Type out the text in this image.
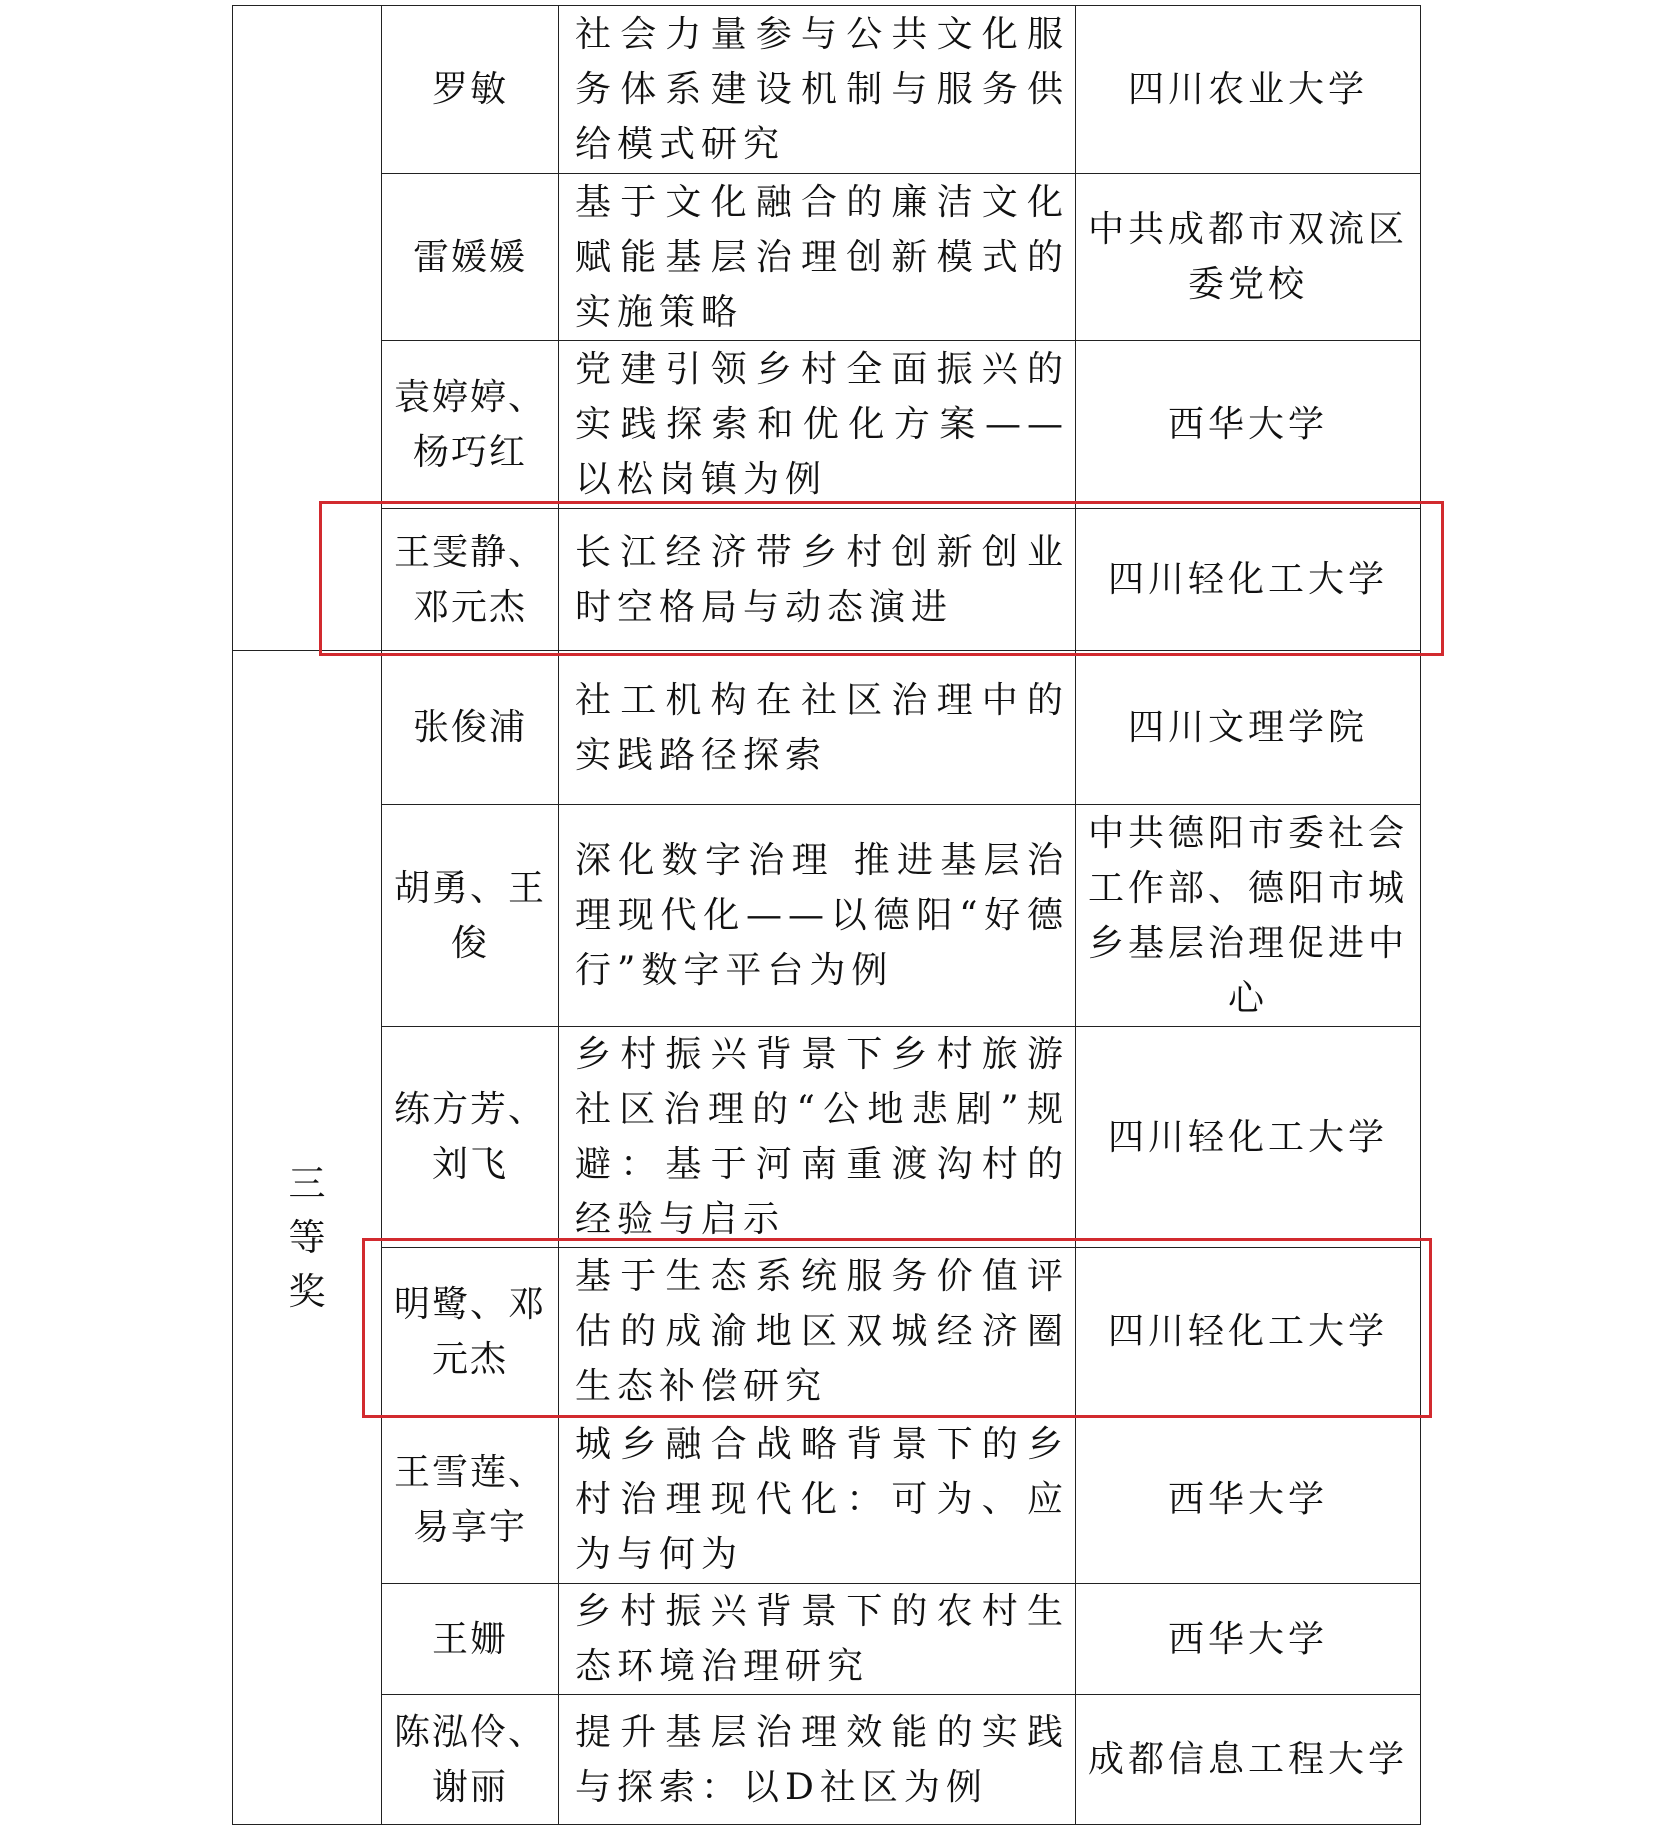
	罗敏	社会力量参与公共文化服务体系建设机制与服务供给模式研究	四川农业大学

	雷媛媛	基于文化融合的廉洁文化赋能基层治理创新模式的实施策略	中共成都市双流区委党校

	袁婷婷、杨巧红	党建引领乡村全面振兴的实践探索和优化方案——以松岗镇为例	西华大学

	王雯静、邓元杰	长江经济带乡村创新创业时空格局与动态演进	四川轻化工大学

三等奖	张俊浦	社工机构在社区治理中的实践路径探索	四川文理学院

	胡勇、王俊	深化数字治理 推进基层治理现代化——以德阳“好德行”数字平台为例	中共德阳市委社会工作部、德阳市城乡基层治理促进中心

	练方芳、刘飞	乡村振兴背景下乡村旅游社区治理的“公地悲剧”规避：基于河南重渡沟村的经验与启示	四川轻化工大学

	明鹭、邓元杰	基于生态系统服务价值评估的成渝地区双城经济圈生态补偿研究	四川轻化工大学

	王雪莲、易享宇	城乡融合战略背景下的乡村治理现代化：可为、应为与何为	西华大学

	王姗	乡村振兴背景下的农村生态环境治理研究	西华大学

	陈泓伶、谢丽	提升基层治理效能的实践与探索：以D社区为例	成都信息工程大学
